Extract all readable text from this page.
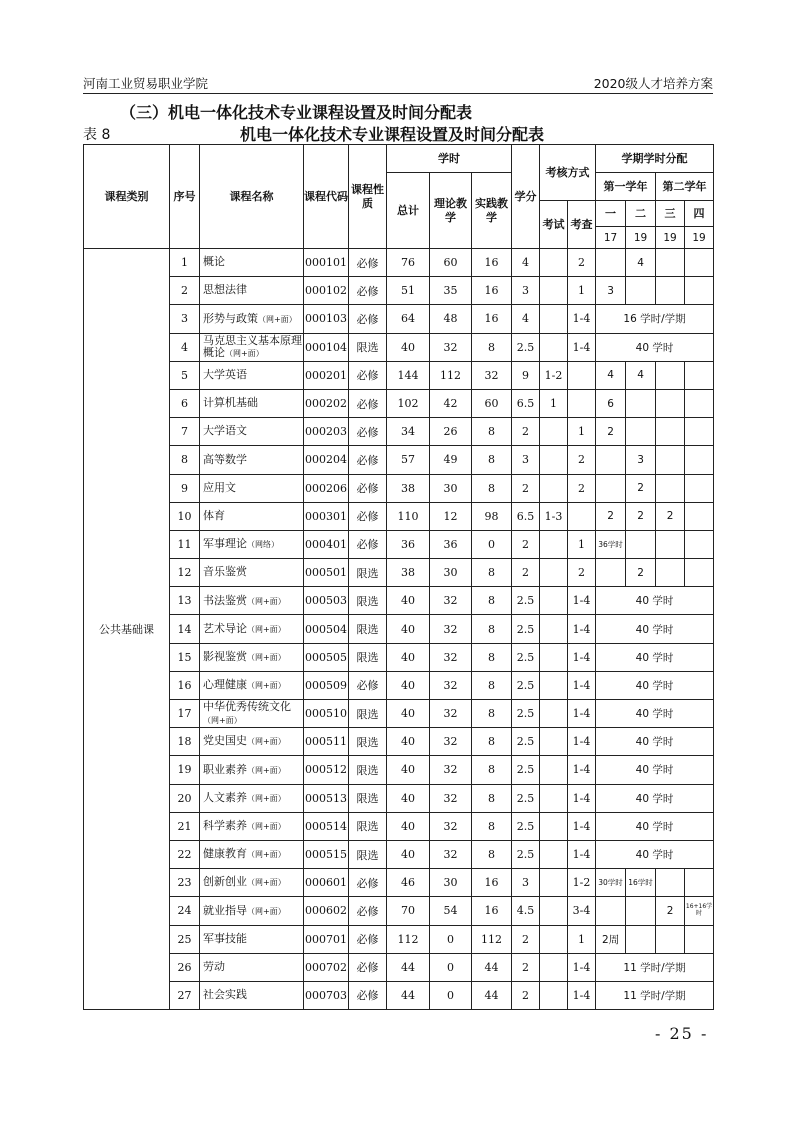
河南工业贸易职业学院	2020级人才培养方案
（三）机电一体化技术专业课程设置及时间分配表
表 8	机电一体化技术专业课程设置及时间分配表
课程类别	序号	课程名称	课程代码	课程性质	学时			学分	考核方式		学期学时分配			
					总计	理论教学	实践教学				第一学年		第二学年	
									考试	考查	一	二	三	四
											17	19	19	19
公共基础课	1	概论	000101	必修	76	60	16	4		2		4		
	2	思想法律	000102	必修	51	35	16	3		1	3			
	3	形势与政策（网+面）	000103	必修	64	48	16	4		1-4	16 学时/学期			
	4	马克思主义基本原理概论（网+面）	000104	限选	40	32	8	2.5		1-4	40 学时			
	5	大学英语	000201	必修	144	112	32	9	1-2		4	4		
	6	计算机基础	000202	必修	102	42	60	6.5	1		6			
	7	大学语文	000203	必修	34	26	8	2		1	2			
	8	高等数学	000204	必修	57	49	8	3		2		3		
	9	应用文	000206	必修	38	30	8	2		2		2		
	10	体育	000301	必修	110	12	98	6.5	1-3		2	2	2	
	11	军事理论（网络）	000401	必修	36	36	0	2		1	36学时			
	12	音乐鉴赏	000501	限选	38	30	8	2		2		2		
	13	书法鉴赏（网+面）	000503	限选	40	32	8	2.5		1-4	40 学时			
	14	艺术导论（网+面）	000504	限选	40	32	8	2.5		1-4	40 学时			
	15	影视鉴赏（网+面）	000505	限选	40	32	8	2.5		1-4	40 学时			
	16	心理健康（网+面）	000509	必修	40	32	8	2.5		1-4	40 学时			
	17	中华优秀传统文化（网+面）	000510	限选	40	32	8	2.5		1-4	40 学时			
	18	党史国史（网+面）	000511	限选	40	32	8	2.5		1-4	40 学时			
	19	职业素养（网+面）	000512	限选	40	32	8	2.5		1-4	40 学时			
	20	人文素养（网+面）	000513	限选	40	32	8	2.5		1-4	40 学时			
	21	科学素养（网+面）	000514	限选	40	32	8	2.5		1-4	40 学时			
	22	健康教育（网+面）	000515	限选	40	32	8	2.5		1-4	40 学时			
	23	创新创业（网+面）	000601	必修	46	30	16	3		1-2	30学时	16学时		
	24	就业指导（网+面）	000602	必修	70	54	16	4.5		3-4			2	16+16学时
	25	军事技能	000701	必修	112	0	112	2		1	2周			
	26	劳动	000702	必修	44	0	44	2		1-4	11 学时/学期			
	27	社会实践	000703	必修	44	0	44	2		1-4	11 学时/学期			
- 25 -
